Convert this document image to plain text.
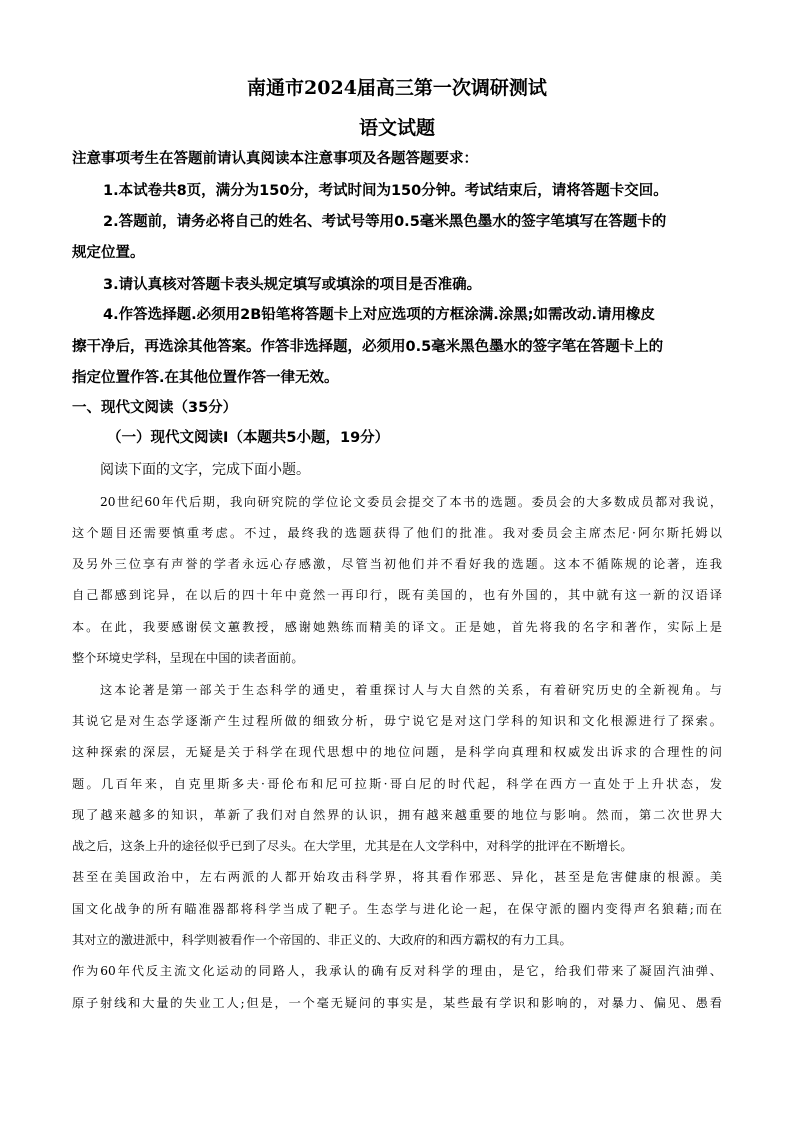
南通市2024届高三第一次调研测试
语文试题
注意事项考生在答题前请认真阅读本注意事项及各题答题要求：
1.本试卷共8页，满分为150分，考试时间为150分钟。考试结束后，请将答题卡交回。
2.答题前，请务必将自己的姓名、考试号等用0.5毫米黑色墨水的签字笔填写在答题卡的
规定位置。
3.请认真核对答题卡表头规定填写或填涂的项目是否准确。
4.作答选择题.必须用2B铅笔将答题卡上对应选项的方框涂满.涂黑;如需改动.请用橡皮
擦干净后，再选涂其他答案。作答非选择题，必须用0.5毫米黑色墨水的签字笔在答题卡上的
指定位置作答.在其他位置作答一律无效。
一、现代文阅读（35分）
（一）现代文阅读Ⅰ（本题共5小题，19分）
阅读下面的文字，完成下面小题。
20世纪60年代后期，我向研究院的学位论文委员会提交了本书的选题。委员会的大多数成员都对我说，
这个题目还需要慎重考虑。不过，最终我的选题获得了他们的批准。我对委员会主席杰尼·阿尔斯托姆以
及另外三位享有声誉的学者永远心存感激，尽管当初他们并不看好我的选题。这本不循陈规的论著，连我
自己都感到诧异，在以后的四十年中竟然一再印行，既有美国的，也有外国的，其中就有这一新的汉语译
本。在此，我要感谢侯文蕙教授，感谢她熟练而精美的译文。正是她，首先将我的名字和著作，实际上是
整个环境史学科，呈现在中国的读者面前。
这本论著是第一部关于生态科学的通史，着重探讨人与大自然的关系，有着研究历史的全新视角。与
其说它是对生态学逐渐产生过程所做的细致分析，毋宁说它是对这门学科的知识和文化根源进行了探索。
这种探索的深层，无疑是关于科学在现代思想中的地位问题，是科学向真理和权威发出诉求的合理性的问
题。几百年来，自克里斯多夫·哥伦布和尼可拉斯·哥白尼的时代起，科学在西方一直处于上升状态，发
现了越来越多的知识，革新了我们对自然界的认识，拥有越来越重要的地位与影响。然而，第二次世界大
战之后，这条上升的途径似乎已到了尽头。在大学里，尤其是在人文学科中，对科学的批评在不断增长。
甚至在美国政治中，左右两派的人都开始攻击科学界，将其看作邪恶、异化，甚至是危害健康的根源。美
国文化战争的所有瞄准器都将科学当成了靶子。生态学与进化论一起，在保守派的圈内变得声名狼藉;而在
其对立的激进派中，科学则被看作一个帝国的、非正义的、大政府的和西方霸权的有力工具。
作为60年代反主流文化运动的同路人，我承认的确有反对科学的理由，是它，给我们带来了凝固汽油弹、
原子射线和大量的失业工人;但是，一个毫无疑问的事实是，某些最有学识和影响的，对暴力、偏见、愚看
